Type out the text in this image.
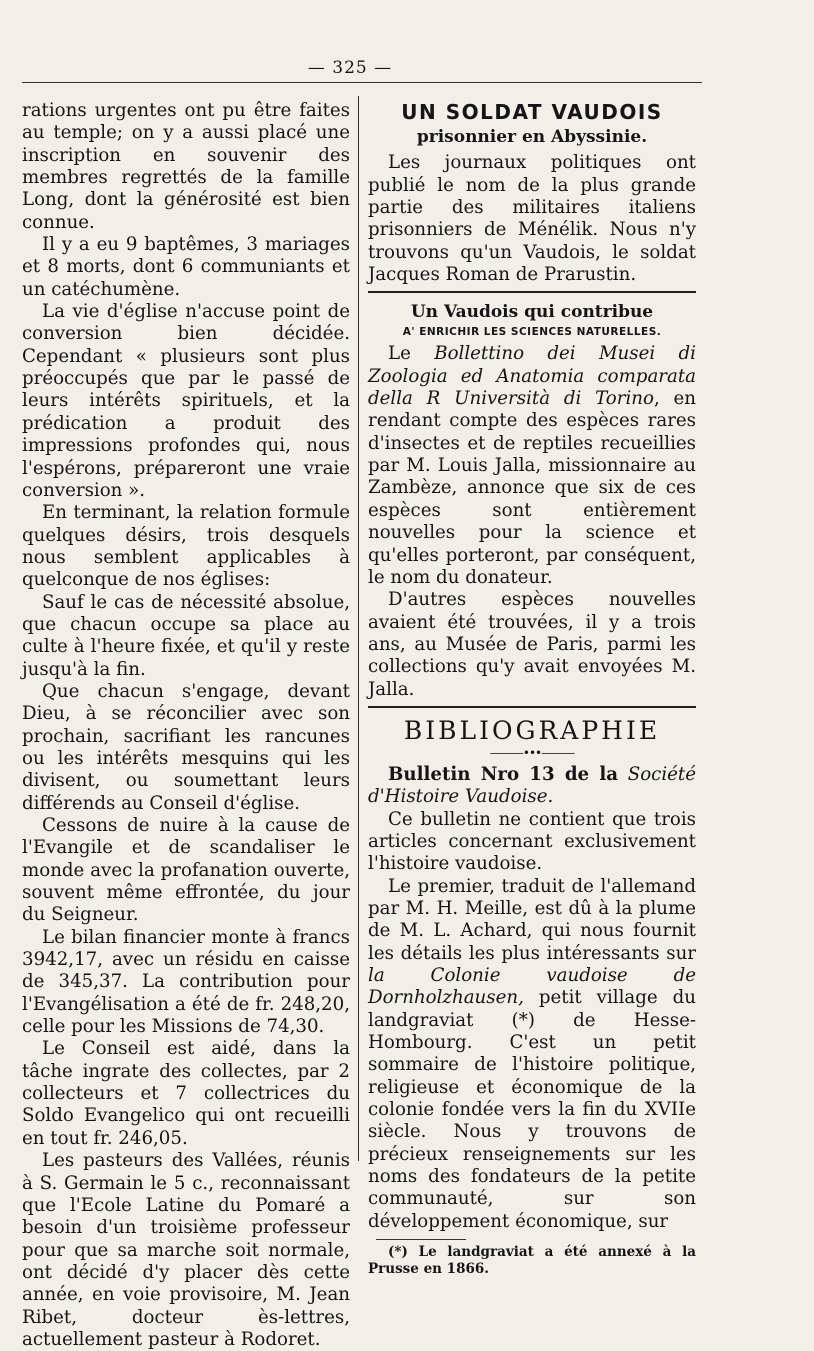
— 325 —

rations urgentes ont pu être faites au temple; on y a aussi placé une inscription en souvenir des membres regrettés de la famille Long, dont la générosité est bien connue.

Il y a eu 9 baptêmes, 3 mariages et 8 morts, dont 6 communiants et un catéchumène.

La vie d'église n'accuse point de conversion bien décidée. Cependant « plusieurs sont plus préoccupés que par le passé de leurs intérêts spirituels, et la prédication a produit des impressions profondes qui, nous l'espérons, prépareront une vraie conversion ».

En terminant, la relation formule quelques désirs, trois desquels nous semblent applicables à quelconque de nos églises:

Sauf le cas de nécessité absolue, que chacun occupe sa place au culte à l'heure fixée, et qu'il y reste jusqu'à la fin.

Que chacun s'engage, devant Dieu, à se réconcilier avec son prochain, sacrifiant les rancunes ou les intérêts mesquins qui les divisent, ou soumettant leurs différends au Conseil d'église.

Cessons de nuire à la cause de l'Evangile et de scandaliser le monde avec la profanation ouverte, souvent même effrontée, du jour du Seigneur.

Le bilan financier monte à francs 3942,17, avec un résidu en caisse de 345,37. La contribution pour l'Evangélisation a été de fr. 248,20, celle pour les Missions de 74,30.

Le Conseil est aidé, dans la tâche ingrate des collectes, par 2 collecteurs et 7 collectrices du Soldo Evangelico qui ont recueilli en tout fr. 246,05.

Les pasteurs des Vallées, réunis à S. Germain le 5 c., reconnaissant que l'Ecole Latine du Pomaré a besoin d'un troisième professeur pour que sa marche soit normale, ont décidé d'y placer dès cette année, en voie provisoire, M. Jean Ribet, docteur ès-lettres, actuellement pasteur à Rodoret.

UN SOLDAT VAUDOIS

prisonnier en Abyssinie.

Les journaux politiques ont publié le nom de la plus grande partie des militaires italiens prisonniers de Ménélik. Nous n'y trouvons qu'un Vaudois, le soldat Jacques Roman de Prarustin.

Un Vaudois qui contribue

A' ENRICHIR LES SCIENCES NATURELLES.

Le Bollettino dei Musei di Zoologia ed Anatomia comparata della R Università di Torino, en rendant compte des espèces rares d'insectes et de reptiles recueillies par M. Louis Jalla, missionnaire au Zambèze, annonce que six de ces espèces sont entièrement nouvelles pour la science et qu'elles porteront, par conséquent, le nom du donateur.

D'autres espèces nouvelles avaient été trouvées, il y a trois ans, au Musée de Paris, parmi les collections qu'y avait envoyées M. Jalla.

BIBLIOGRAPHIE

———•••———

Bulletin Nro 13 de la Société d'Histoire Vaudoise.

Ce bulletin ne contient que trois articles concernant exclusivement l'histoire vaudoise.

Le premier, traduit de l'allemand par M. H. Meille, est dû à la plume de M. L. Achard, qui nous fournit les détails les plus intéressants sur la Colonie vaudoise de Dornholzhausen, petit village du landgraviat (*) de Hesse-Hombourg. C'est un petit sommaire de l'histoire politique, religieuse et économique de la colonie fondée vers la fin du XVIIe siècle. Nous y trouvons de précieux renseignements sur les noms des fondateurs de la petite communauté, sur son développement économique, sur

(*) Le landgraviat a été annexé à la Prusse en 1866.
